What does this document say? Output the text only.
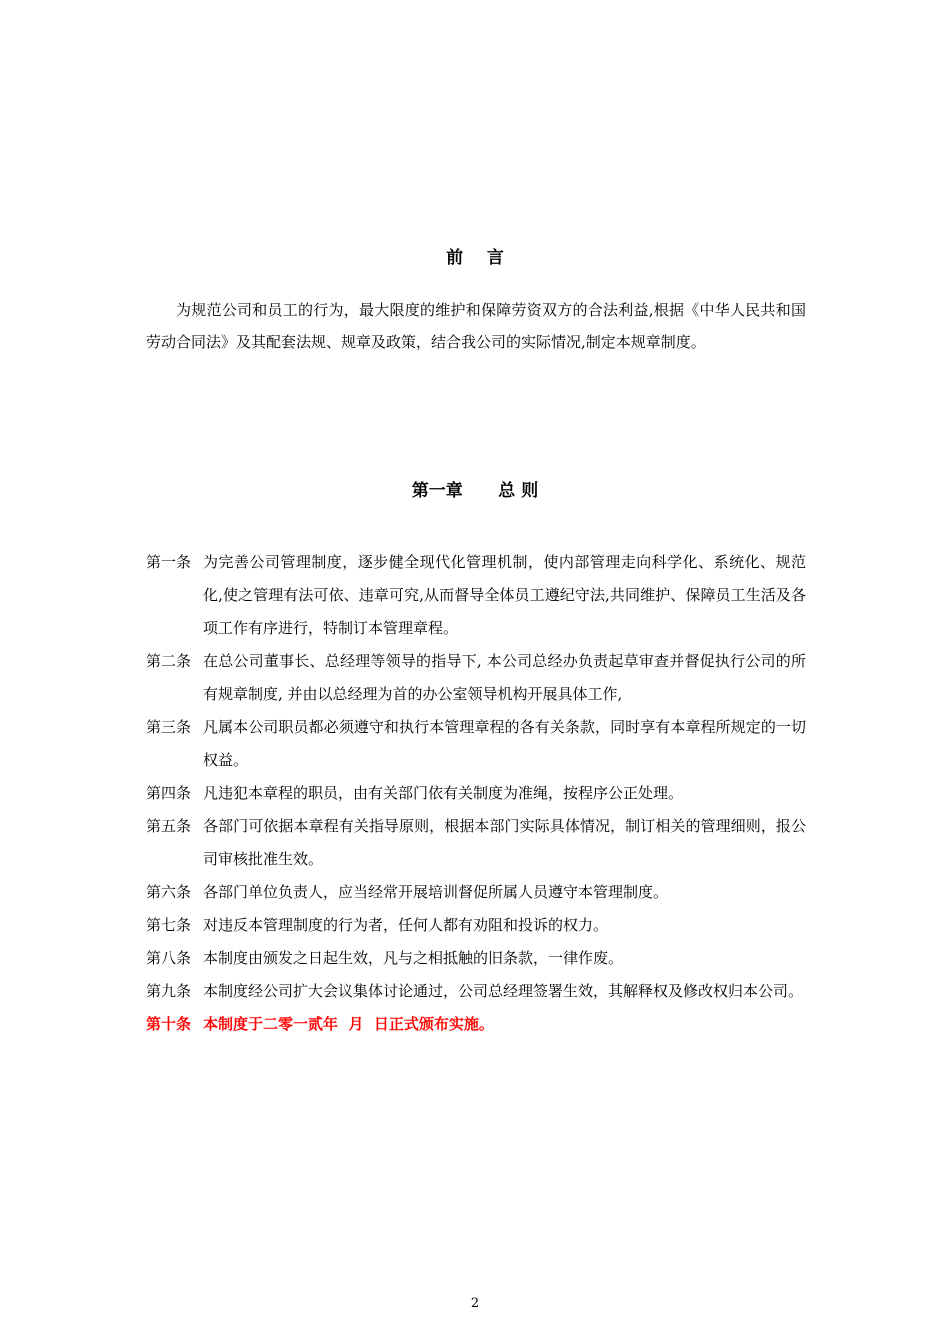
前    言
为规范公司和员工的行为，最大限度的维护和保障劳资双方的合法利益,根据《中华人民共和国劳动合同法》及其配套法规、规章及政策，结合我公司的实际情况,制定本规章制度。
第一章      总 则
第一条 为完善公司管理制度，逐步健全现代化管理机制，使内部管理走向科学化、系统化、规范化,使之管理有法可依、违章可究,从而督导全体员工遵纪守法,共同维护、保障员工生活及各项工作有序进行，特制订本管理章程。
第二条 在总公司董事长、总经理等领导的指导下, 本公司总经办负责起草审查并督促执行公司的所有规章制度, 并由以总经理为首的办公室领导机构开展具体工作,
第三条 凡属本公司职员都必须遵守和执行本管理章程的各有关条款，同时享有本章程所规定的一切权益。
第四条 凡违犯本章程的职员，由有关部门依有关制度为准绳，按程序公正处理。
第五条 各部门可依据本章程有关指导原则，根据本部门实际具体情况，制订相关的管理细则，报公司审核批准生效。
第六条 各部门单位负责人，应当经常开展培训督促所属人员遵守本管理制度。
第七条 对违反本管理制度的行为者，任何人都有劝阻和投诉的权力。
第八条 本制度由颁发之日起生效，凡与之相抵触的旧条款，一律作废。
第九条 本制度经公司扩大会议集体讨论通过，公司总经理签署生效，其解释权及修改权归本公司。
第十条 本制度于二零一贰年  月  日正式颁布实施。
2
